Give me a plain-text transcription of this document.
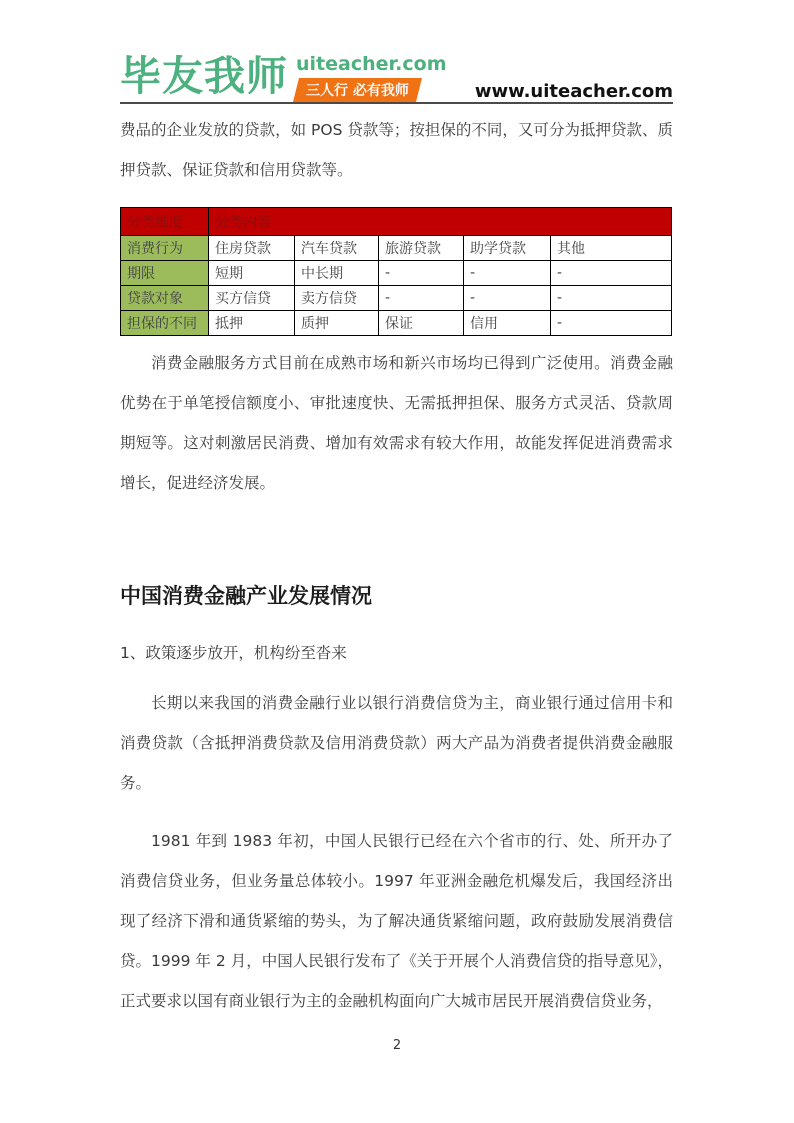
毕友我师 uiteacher.com
三人行 必有我师	www.uiteacher.com

费品的企业发放的贷款，如 POS 贷款等；按担保的不同，又可分为抵押贷款、质押贷款、保证贷款和信用贷款等。

分类维度	分类内容				
消费行为	住房贷款	汽车贷款	旅游贷款	助学贷款	其他
期限	短期	中长期	-	-	-
贷款对象	买方信贷	卖方信贷	-	-	-
担保的不同	抵押	质押	保证	信用	-

消费金融服务方式目前在成熟市场和新兴市场均已得到广泛使用。消费金融优势在于单笔授信额度小、审批速度快、无需抵押担保、服务方式灵活、贷款周期短等。这对刺激居民消费、增加有效需求有较大作用，故能发挥促进消费需求增长，促进经济发展。

中国消费金融产业发展情况
1、政策逐步放开，机构纷至沓来

长期以来我国的消费金融行业以银行消费信贷为主，商业银行通过信用卡和消费贷款（含抵押消费贷款及信用消费贷款）两大产品为消费者提供消费金融服务。

1981 年到 1983 年初，中国人民银行已经在六个省市的行、处、所开办了消费信贷业务，但业务量总体较小。1997 年亚洲金融危机爆发后，我国经济出现了经济下滑和通货紧缩的势头，为了解决通货紧缩问题，政府鼓励发展消费信贷。1999 年 2 月，中国人民银行发布了《关于开展个人消费信贷的指导意见》，正式要求以国有商业银行为主的金融机构面向广大城市居民开展消费信贷业务，

2
